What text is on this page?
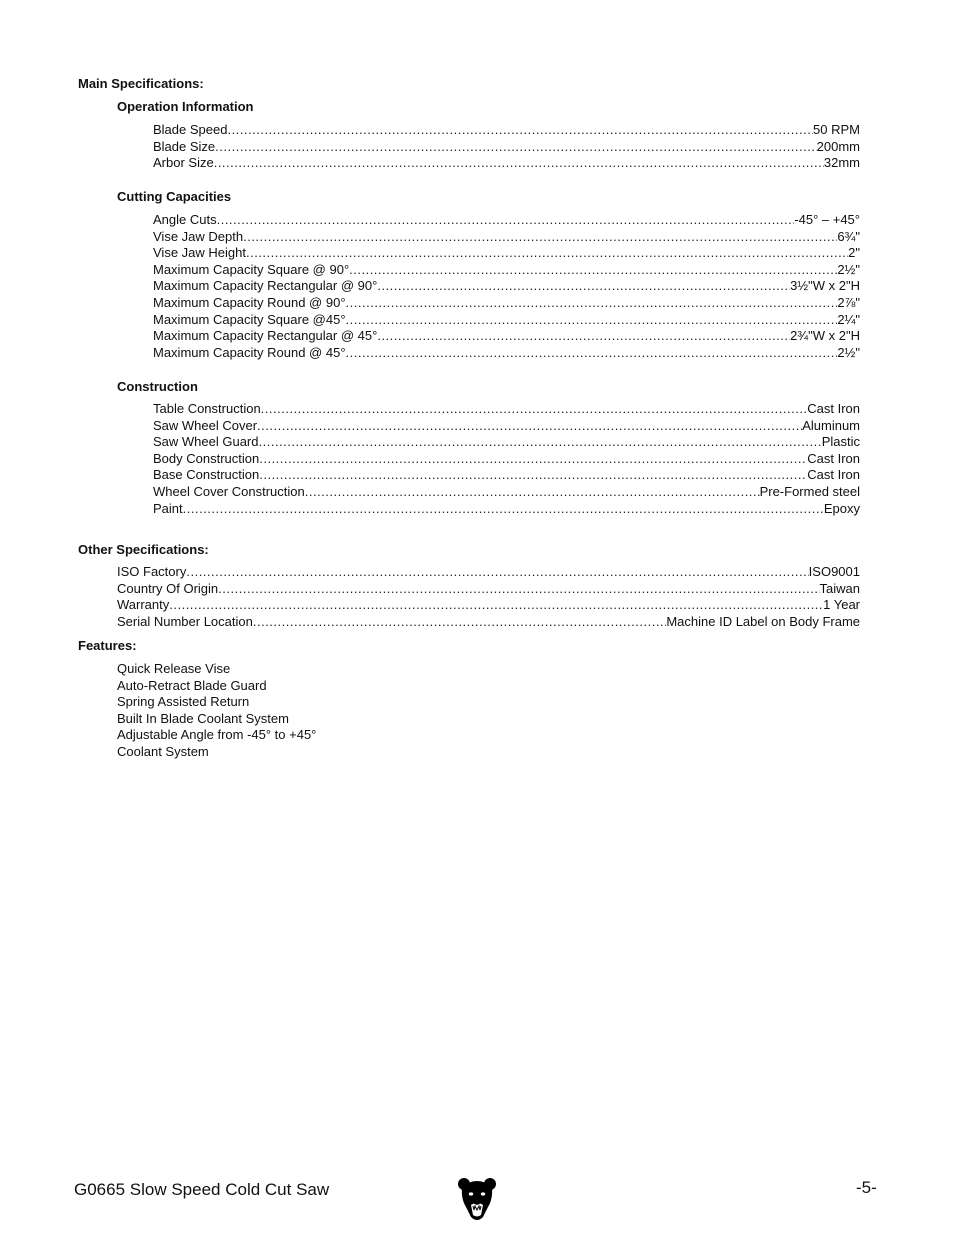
Main Specifications:
Operation Information
Blade Speed .....	50 RPM
Blade Size .....	200mm
Arbor Size .....	32mm
Cutting Capacities
Angle Cuts .....	-45° – +45°
Vise Jaw Depth .....	6¾"
Vise Jaw Height .....	2"
Maximum Capacity Square @ 90° .....	2½"
Maximum Capacity Rectangular @ 90° .....	3½"W x 2"H
Maximum Capacity Round @ 90° .....	2⅞"
Maximum Capacity Square @45° .....	2¼"
Maximum Capacity Rectangular @ 45° .....	2¾"W x 2"H
Maximum Capacity Round @ 45° .....	2½"
Construction
Table Construction .....	Cast Iron
Saw Wheel Cover .....	Aluminum
Saw Wheel Guard .....	Plastic
Body Construction .....	Cast Iron
Base Construction .....	Cast Iron
Wheel Cover Construction .....	Pre-Formed steel
Paint .....	Epoxy
Other Specifications:
ISO Factory .....	ISO9001
Country Of Origin .....	Taiwan
Warranty .....	1 Year
Serial Number Location .....	Machine ID Label on Body Frame
Features:
Quick Release Vise
Auto-Retract Blade Guard
Spring Assisted Return
Built In Blade Coolant System
Adjustable Angle from -45° to +45°
Coolant System
G0665 Slow Speed Cold Cut Saw	-5-
